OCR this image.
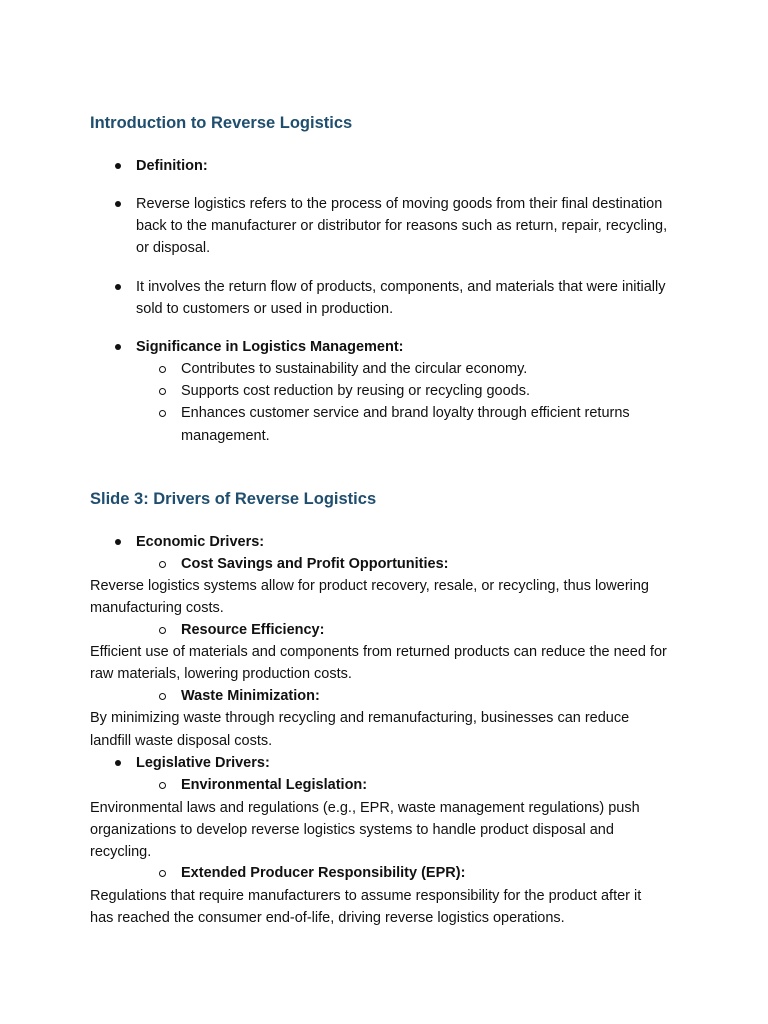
Introduction to Reverse Logistics
Definition:
Reverse logistics refers to the process of moving goods from their final destination
back to the manufacturer or distributor for reasons such as return, repair, recycling,
or disposal.
It involves the return flow of products, components, and materials that were initially
sold to customers or used in production.
Significance in Logistics Management:
Contributes to sustainability and the circular economy.
Supports cost reduction by reusing or recycling goods.
Enhances customer service and brand loyalty through efficient returns
management.
Slide 3: Drivers of Reverse Logistics
Economic Drivers:
Cost Savings and Profit Opportunities:
Reverse logistics systems allow for product recovery, resale, or recycling, thus lowering
manufacturing costs.
Resource Efficiency:
Efficient use of materials and components from returned products can reduce the need for
raw materials, lowering production costs.
Waste Minimization:
By minimizing waste through recycling and remanufacturing, businesses can reduce
landfill waste disposal costs.
Legislative Drivers:
Environmental Legislation:
Environmental laws and regulations (e.g., EPR, waste management regulations) push
organizations to develop reverse logistics systems to handle product disposal and
recycling.
Extended Producer Responsibility (EPR):
Regulations that require manufacturers to assume responsibility for the product after it
has reached the consumer end-of-life, driving reverse logistics operations.
